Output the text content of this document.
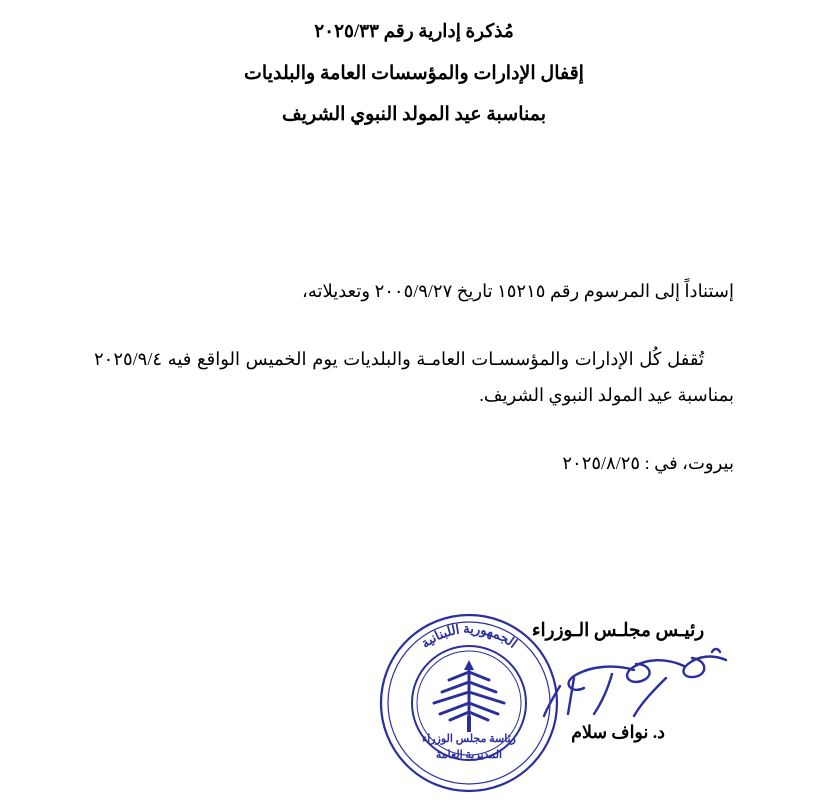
مُذكرة إدارية رقم ٢٠٢٥/٣٣
إقفال الإدارات والمؤسسات العامة والبلديات
بمناسبة عيد المولد النبوي الشريف

إستناداً إلى المرسوم رقم ١٥٢١٥ تاريخ ٢٠٠٥/٩/٢٧ وتعديلاته،

تُقفل كُل الإدارات والمؤسسـات العامـة والبلديات يوم الخميس الواقع فيه ٢٠٢٥/٩/٤ بمناسبة عيد المولد النبوي الشريف.

بيروت، في : ٢٠٢٥/٨/٢٥

رئيـس مجلـس الـوزراء
د. نواف سلام
الجمهورية اللبنانية
رئاسة مجلس الوزراء
المديرية العامة
